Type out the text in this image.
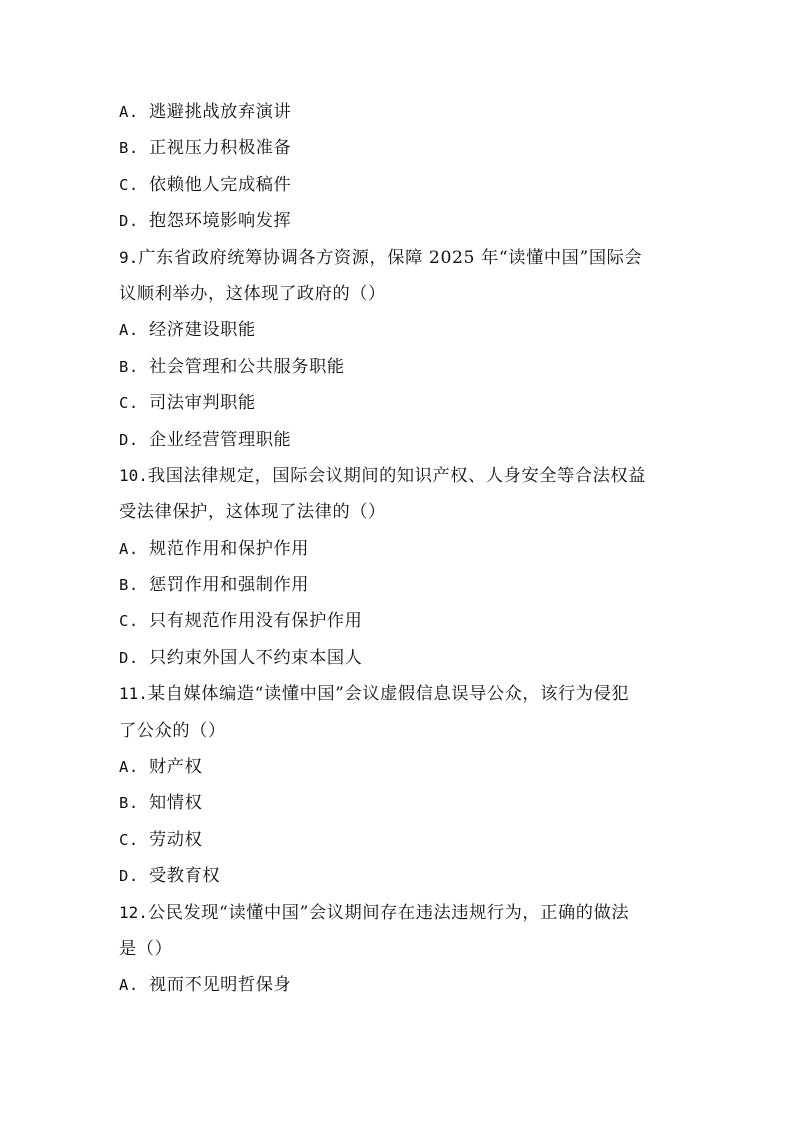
A. 逃避挑战放弃演讲
B. 正视压力积极准备
C. 依赖他人完成稿件
D. 抱怨环境影响发挥
9.广东省政府统筹协调各方资源，保障 2025 年“读懂中国”国际会
议顺利举办，这体现了政府的（）
A. 经济建设职能
B. 社会管理和公共服务职能
C. 司法审判职能
D. 企业经营管理职能
10.我国法律规定，国际会议期间的知识产权、人身安全等合法权益
受法律保护，这体现了法律的（）
A. 规范作用和保护作用
B. 惩罚作用和强制作用
C. 只有规范作用没有保护作用
D. 只约束外国人不约束本国人
11.某自媒体编造“读懂中国”会议虚假信息误导公众，该行为侵犯
了公众的（）
A. 财产权
B. 知情权
C. 劳动权
D. 受教育权
12.公民发现“读懂中国”会议期间存在违法违规行为，正确的做法
是（）
A. 视而不见明哲保身
